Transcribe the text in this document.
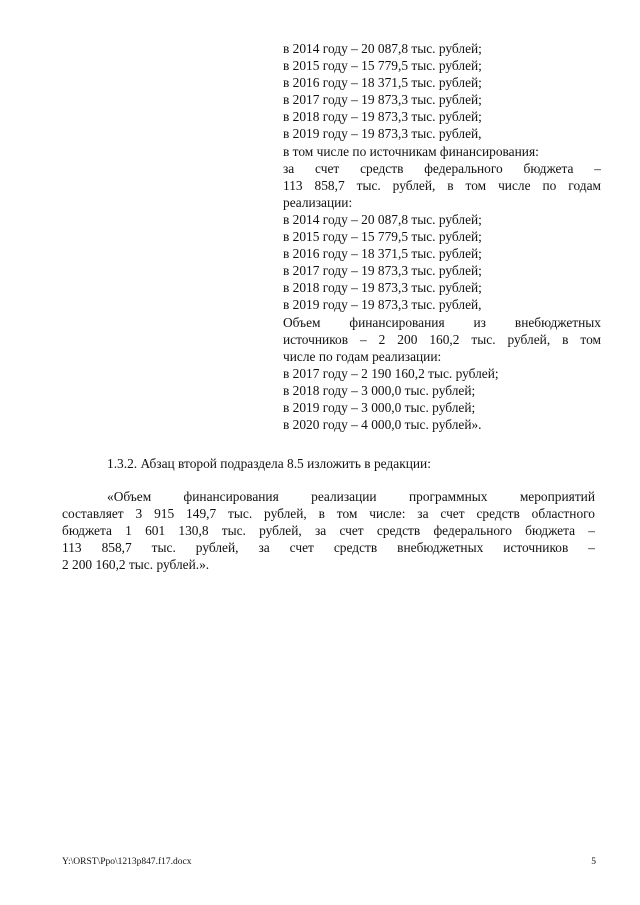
в 2014 году – 20 087,8 тыс. рублей;
в 2015 году – 15 779,5 тыс. рублей;
в 2016 году – 18 371,5 тыс. рублей;
в 2017 году – 19 873,3 тыс. рублей;
в 2018 году – 19 873,3 тыс. рублей;
в 2019 году – 19 873,3 тыс. рублей,
в том числе по источникам финансирования:
за счет средств федерального бюджета –
113 858,7 тыс. рублей, в том числе по годам
реализации:
в 2014 году – 20 087,8 тыс. рублей;
в 2015 году – 15 779,5 тыс. рублей;
в 2016 году – 18 371,5 тыс. рублей;
в 2017 году – 19 873,3 тыс. рублей;
в 2018 году – 19 873,3 тыс. рублей;
в 2019 году – 19 873,3 тыс. рублей,
Объем финансирования из внебюджетных
источников – 2 200 160,2 тыс. рублей, в том
числе по годам реализации:
в 2017 году – 2 190 160,2 тыс. рублей;
в 2018 году – 3 000,0 тыс. рублей;
в 2019 году – 3 000,0 тыс. рублей;
в 2020 году – 4 000,0 тыс. рублей».
1.3.2. Абзац второй подраздела 8.5 изложить в редакции:
«Объем финансирования реализации программных мероприятий
составляет 3 915 149,7 тыс. рублей, в том числе: за счет средств областного
бюджета 1 601 130,8 тыс. рублей, за счет средств федерального бюджета –
113 858,7 тыс. рублей, за счет средств внебюджетных источников –
2 200 160,2 тыс. рублей.».
Y:\ORST\Ppo\1213p847.f17.docx	5
